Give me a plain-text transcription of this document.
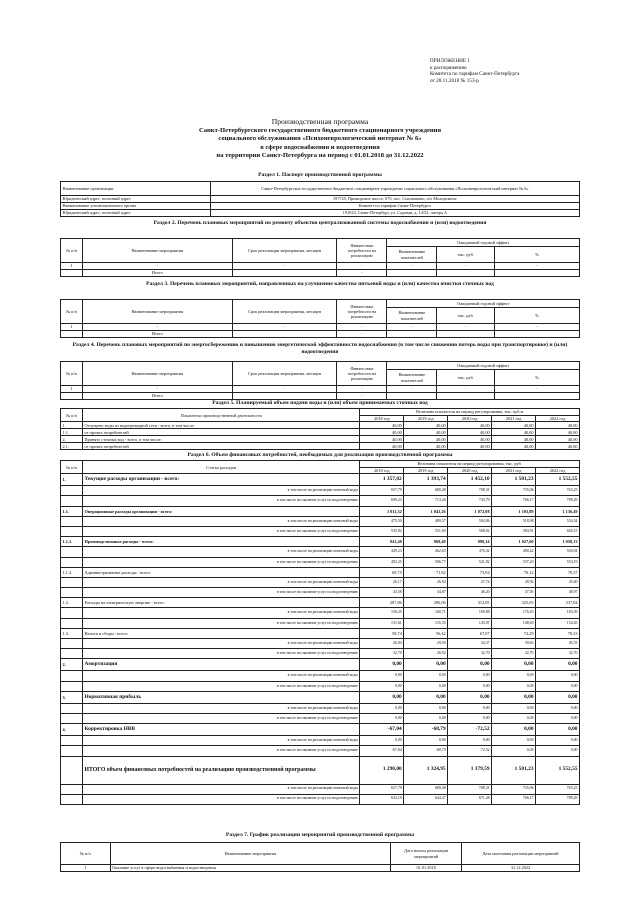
ПРИЛОЖЕНИЕ 1
к распоряжению
Комитета по тарифам Санкт-Петербурга
от 28.11.2018 № 153-р
Производственная программа
Санкт-Петербургского государственного бюджетного стационарного учреждения
социального обслуживания «Психоневрологический интернат № 6»
в сфере водоснабжения и водоотведения
на территории Санкт-Петербурга на период с 01.01.2018 до 31.12.2022
Раздел 1. Паспорт производственной программы
Наименование организации	Санкт-Петербургское государственное бюджетное стационарное учреждение социального обслуживания «Психоневрологический интернат № 6»
Юридический адрес, почтовый адрес	197725, Приморское шоссе, 675, пос. Смолячково, п/о Молодежное
Наименование уполномоченного органа	Комитет по тарифам Санкт-Петербурга
Юридический адрес, почтовый адрес	191023, Санкт-Петербург, ул. Садовая, д. 14/52, литера А
Раздел 2. Перечень плановых мероприятий по ремонту объектов централизованной системы водоснабжения и (или) водоотведения
№ п/п	Наименование мероприятия	Срок реализации мероприятия, месяцев	Финансовые потребности на реализацию	Ожидаемый годовой эффект		
				Наименование показателей	тыс. руб.	%
1	-	-	-	-	-	-
	Итого		-			
Раздел 3. Перечень плановых мероприятий, направленных на улучшение качества питьевой воды и (или) качества очистки сточных вод
№ п/п	Наименование мероприятия	Срок реализации мероприятия, месяцев	Финансовые потребности на реализацию	Ожидаемый годовой эффект		
				Наименование показателей	тыс. руб.	%
1	-	-	-	-	-	-
	Итого		-			
Раздел 4. Перечень плановых мероприятий по энергосбережению и повышению энергетической эффективности водоснабжения (в том числе снижению потерь воды при транспортировке) и (или) водоотведения
№ п/п	Наименование мероприятия	Срок реализации мероприятия, месяцев	Финансовые потребности на реализацию	Ожидаемый годовой эффект		
				Наименование показателей	тыс. руб.	%
1	-	-	-	-	-	-
	Итого		-			
Раздел 5. Планируемый объем подачи воды и (или) объем принимаемых сточных вод
№ п/п	Показатели производственной деятельности	Величина показателя на период регулирования, тыс. куб.м				
		2018 год	2019 год	2020 год	2021 год	2022 год
1.	Отпущено воды из водопроводной сети - всего, в том числе:	40,00	40,00	40,00	40,00	40,00
1.1.	от прочих потребителей	40,00	40,00	40,00	40,00	40,00
2.	Принято сточных вод - всего, в том числе:	40,00	40,00	40,00	40,00	40,00
2.1.	от прочих потребителей	40,00	40,00	40,00	40,00	40,00
Раздел 6. Объем финансовых потребностей, необходимых для реализации производственной программы
№ п/п	Статья расходов	Величина показателя на период регулирования, тыс. руб.				
		2018 год	2019 год	2020 год	2021 год	2022 год
1.	Текущие расходы организации - всего:	1 357,02	1 393,74	1 452,10	1 501,23	1 552,55
	в том числе на реализацию питьевой воды	657,79	680,48	708,31	735,06	763,25
	в том числе на оказание услуг по водоотведению	699,23	713,26	743,79	766,17	789,29
1.1.	Операционные расходы организации - всего:	1 011,32	1 041,26	1 072,08	1 103,89	1 136,49
	в том числе на реализацию питьевой воды	475,50	489,57	504,06	518,98	534,34
	в том числе на оказание услуг по водоотведению	535,82	551,69	568,02	584,91	602,15
1.1.1.	Производственные расходы - всего:	941,48	969,40	998,14	1 027,60	1 058,13
	в том числе на реализацию питьевой воды	449,23	462,63	476,32	490,42	504,94
	в том числе на оказание услуг по водоотведению	492,25	506,77	521,82	537,20	553,19
1.1.2.	Административные расходы - всего:	69,75	71,82	73,94	76,12	78,37
	в том числе на реализацию питьевой воды	26,17	26,94	27,74	28,56	29,40
	в том числе на оказание услуг по водоотведению	43,58	44,87	46,20	47,56	48,97
1.2.	Расходы на электрическую энергию - всего:	287,86	296,06	312,95	325,05	337,84
	в том числе на реализацию питьевой воды	156,25	160,71	169,88	176,45	183,39
	в том числе на оказание услуг по водоотведению	131,61	135,35	143,07	148,60	154,45
1.3.	Налоги и сборы - всего:	58,74	56,42	67,07	72,29	78,23
	в том числе на реализацию питьевой воды	26,04	29,50	34,37	39,63	45,53
	в том числе на оказание услуг по водоотведению	32,70	26,92	32,70	32,70	32,70
2.	Амортизация	0,00	0,00	0,00	0,00	0,00
	в том числе на реализацию питьевой воды	0,00	0,00	0,00	0,00	0,00
	в том числе на оказание услуг по водоотведению	0,00	0,00	0,00	0,00	0,00
3.	Нормативная прибыль	0,00	0,00	0,00	0,00	0,00
	в том числе на реализацию питьевой воды	0,00	0,00	0,00	0,00	0,00
	в том числе на оказание услуг по водоотведению	0,00	0,00	0,00	0,00	0,00
4.	Корректировка НВВ	-67,04	-68,79	-72,52	0,00	0,00
	в том числе на реализацию питьевой воды	0,00	0,00	0,00	0,00	0,00
	в том числе на оказание услуг по водоотведению	-67,04	-68,79	-72,52	0,00	0,00
	ИТОГО объем финансовых потребностей на реализацию производственной программы	1 290,00	1 324,95	1 379,59	1 501,23	1 552,55
	в том числе на реализацию питьевой воды	657,79	680,48	708,31	735,06	763,25
	в том числе на оказание услуг по водоотведению	632,19	644,47	671,28	766,17	789,29
Раздел 7. График реализации мероприятий производственной программы
№ п/п	Наименование мероприятия	Дата начала реализации мероприятий	Дата окончания реализации мероприятий
1	Оказание услуг в сфере водоснабжения и водоотведения	01.01.2018	31.12.2022
